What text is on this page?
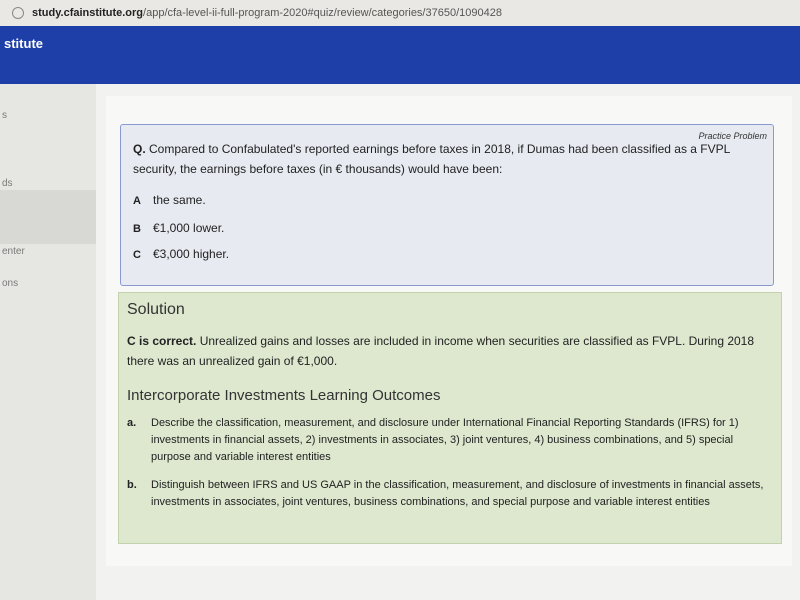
study.cfainstitute.org /app/cfa-level-ii-full-program-2020#quiz/review/categories/37650/1090428
stitute
s
ds
enter
ons
Practice Problem
Q. Compared to Confabulated's reported earnings before taxes in 2018, if Dumas had been classified as a FVPL security, the earnings before taxes (in € thousands) would have been:
A the same.
B €1,000 lower.
C €3,000 higher.
Solution
C is correct. Unrealized gains and losses are included in income when securities are classified as FVPL. During 2018 there was an unrealized gain of €1,000.
Intercorporate Investments Learning Outcomes
a.	Describe the classification, measurement, and disclosure under International Financial Reporting Standards (IFRS) for 1) investments in financial assets, 2) investments in associates, 3) joint ventures, 4) business combinations, and 5) special purpose and variable interest entities
b.	Distinguish between IFRS and US GAAP in the classification, measurement, and disclosure of investments in financial assets, investments in associates, joint ventures, business combinations, and special purpose and variable interest entities
